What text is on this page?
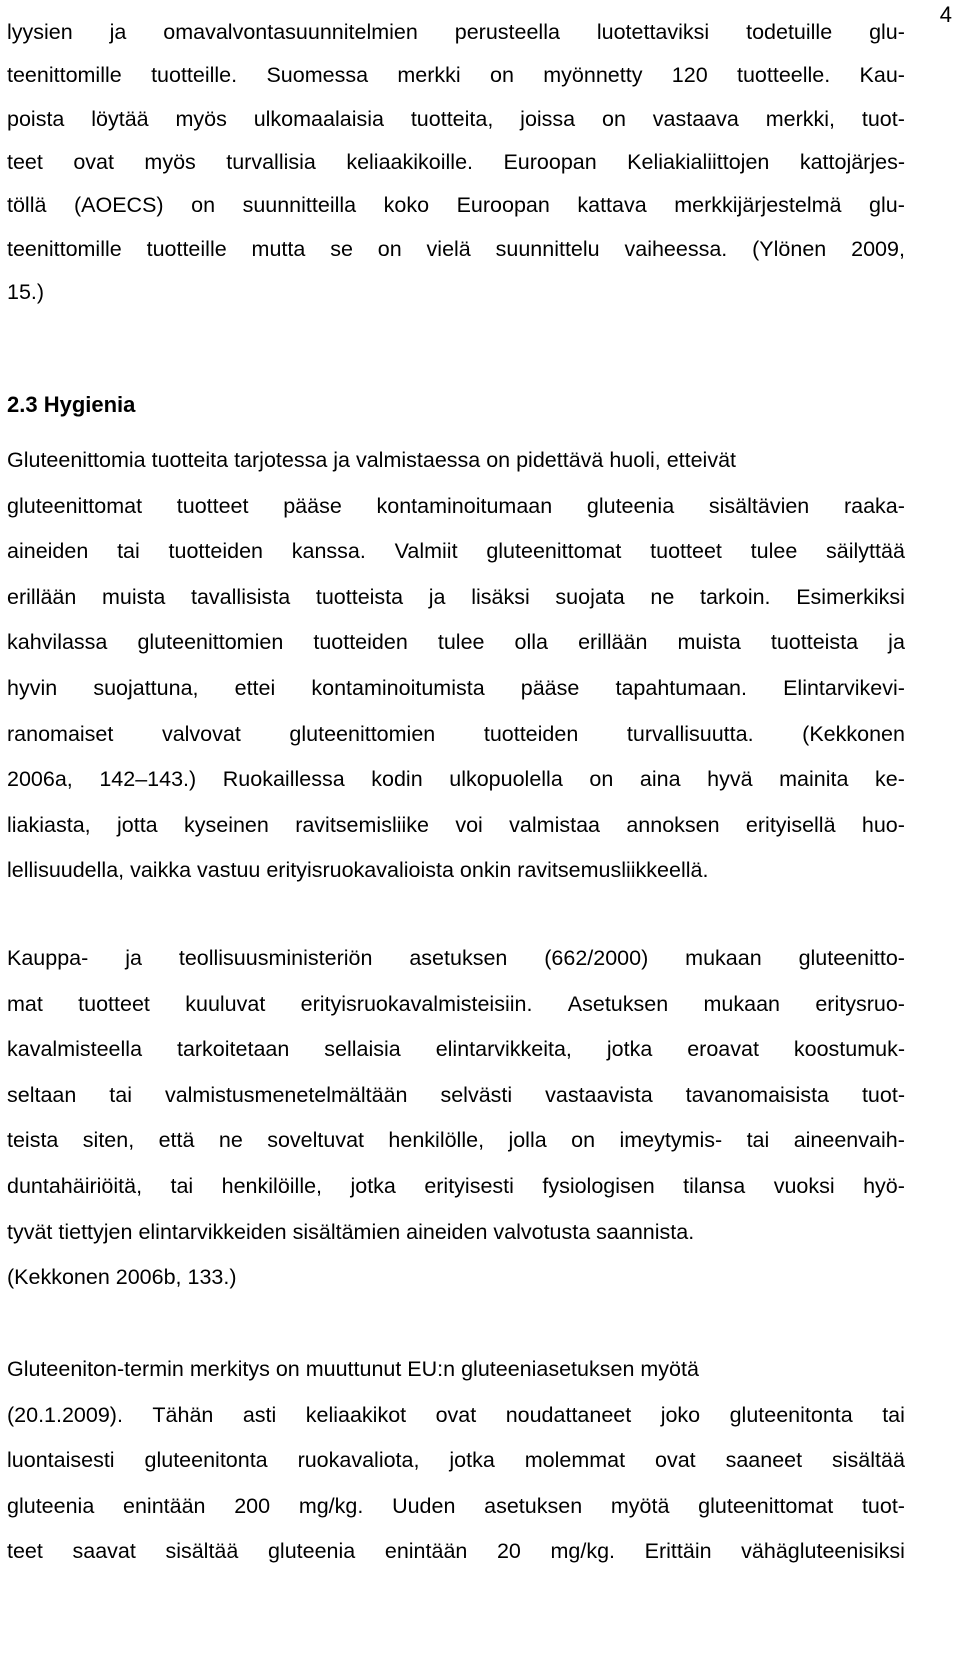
4
2.3 Hygienia
lyysien ja omavalvontasuunnitelmien perusteella luotettaviksi todetuille glu-
teenittomille tuotteille. Suomessa merkki on myönnetty 120 tuotteelle. Kau-
poista löytää myös ulkomaalaisia tuotteita, joissa on vastaava merkki, tuot-
teet ovat myös turvallisia keliaakikoille. Euroopan Keliakialiittojen kattojärjes-
töllä (AOECS) on suunnitteilla koko Euroopan kattava merkkijärjestelmä glu-
teenittomille tuotteille mutta se on vielä suunnittelu vaiheessa. (Ylönen 2009,
15.)
Gluteenittomia tuotteita tarjotessa ja valmistaessa on pidettävä huoli, etteivät
gluteenittomat tuotteet pääse kontaminoitumaan gluteenia sisältävien raaka-
aineiden tai tuotteiden kanssa. Valmiit gluteenittomat tuotteet tulee säilyttää
erillään muista tavallisista tuotteista ja lisäksi suojata ne tarkoin. Esimerkiksi
kahvilassa gluteenittomien tuotteiden tulee olla erillään muista tuotteista ja
hyvin suojattuna, ettei kontaminoitumista pääse tapahtumaan. Elintarvikevi-
ranomaiset valvovat gluteenittomien tuotteiden turvallisuutta. (Kekkonen
2006a, 142–143.) Ruokaillessa kodin ulkopuolella on aina hyvä mainita ke-
liakiasta, jotta kyseinen ravitsemisliike voi valmistaa annoksen erityisellä huo-
lellisuudella, vaikka vastuu erityisruokavalioista onkin ravitsemusliikkeellä.
Kauppa- ja teollisuusministeriön asetuksen (662/2000) mukaan gluteenitto-
mat tuotteet kuuluvat erityisruokavalmisteisiin. Asetuksen mukaan eritysruo-
kavalmisteella tarkoitetaan sellaisia elintarvikkeita, jotka eroavat koostumuk-
seltaan tai valmistusmenetelmältään selvästi vastaavista tavanomaisista tuot-
teista siten, että ne soveltuvat henkilölle, jolla on imeytymis- tai aineenvaih-
duntahäiriöitä, tai henkilöille, jotka erityisesti fysiologisen tilansa vuoksi hyö-
tyvät tiettyjen elintarvikkeiden sisältämien aineiden valvotusta saannista.
(Kekkonen 2006b, 133.)
Gluteeniton-termin merkitys on muuttunut EU:n gluteeniasetuksen myötä
(20.1.2009). Tähän asti keliaakikot ovat noudattaneet joko gluteenitonta tai
luontaisesti gluteenitonta ruokavaliota, jotka molemmat ovat saaneet sisältää
gluteenia enintään 200 mg/kg. Uuden asetuksen myötä gluteenittomat tuot-
teet saavat sisältää gluteenia enintään 20 mg/kg. Erittäin vähägluteenisiksi
